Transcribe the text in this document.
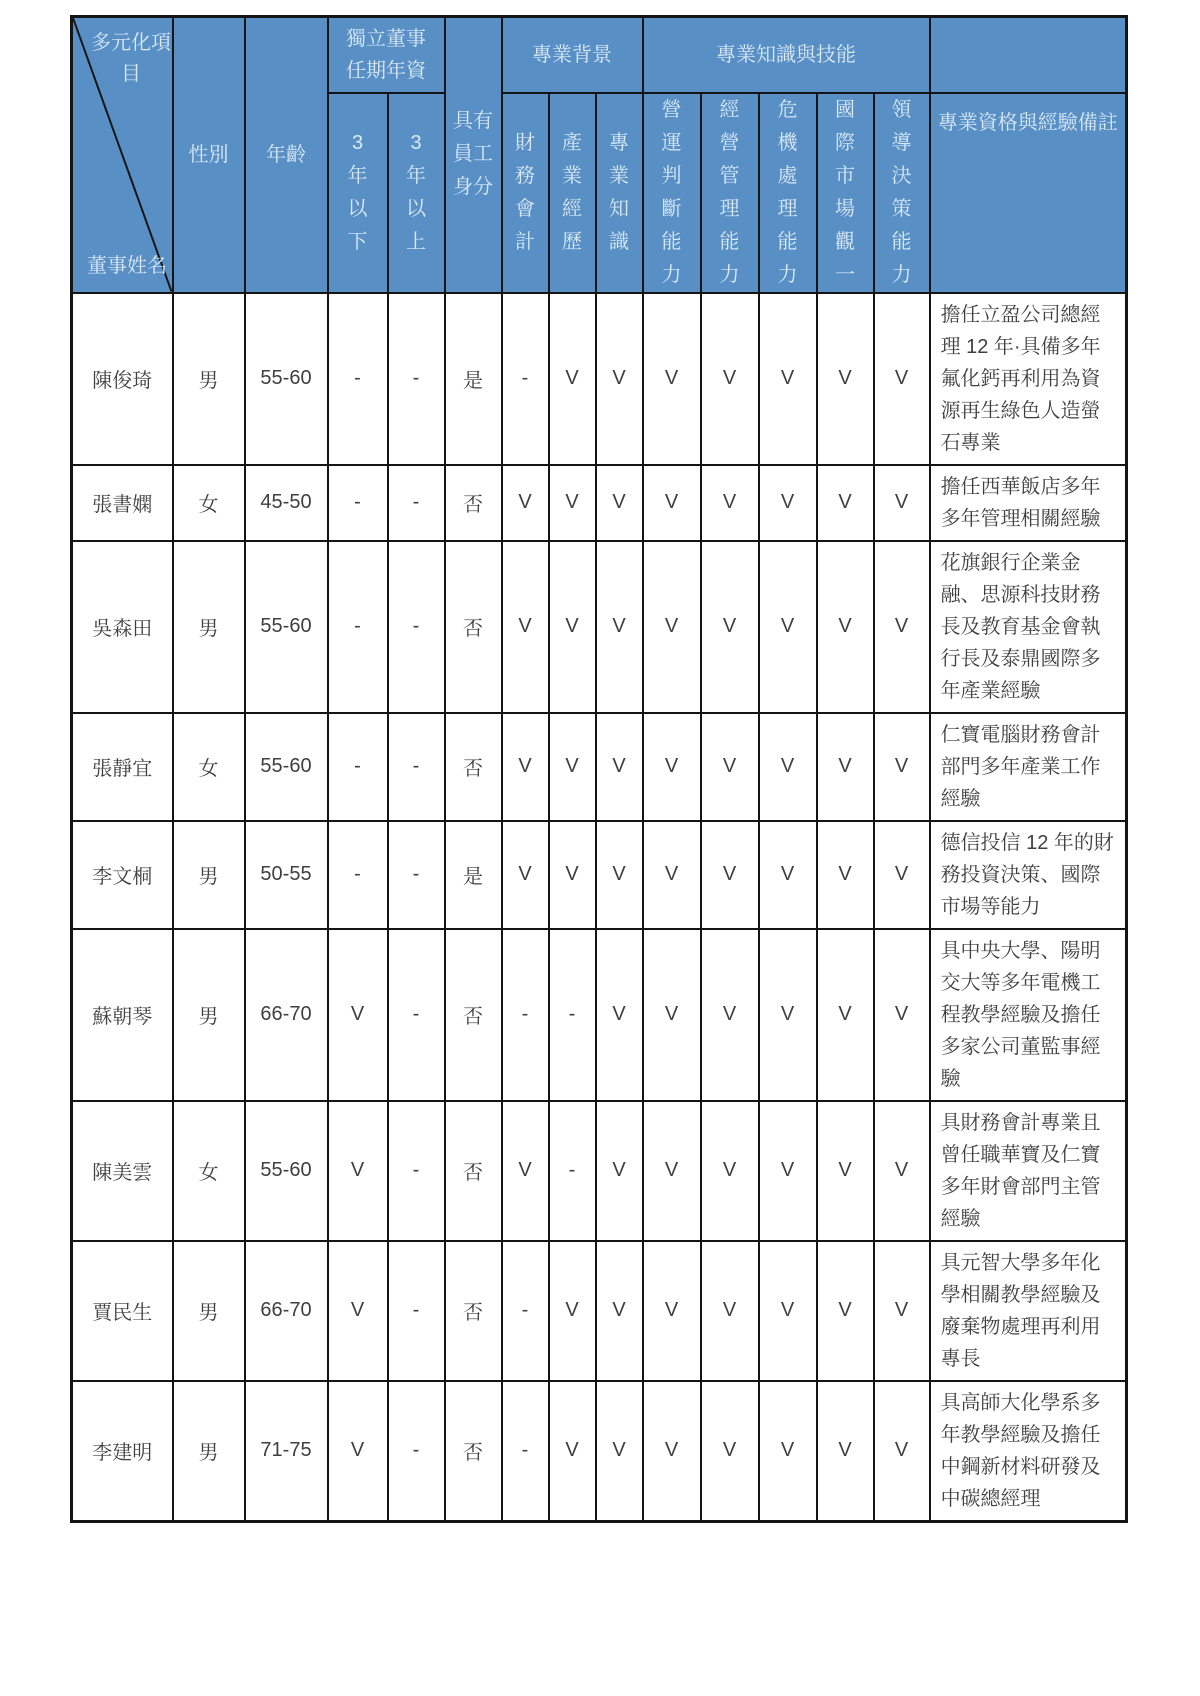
多元化項目
董事姓名	性別	年齡	獨立董事任期年資		具有員工身分	專業背景			專業知識與技能					
			3年以下	3年以上		財務會計	產業經歷	專業知識	營運判斷能力	經營管理能力	危機處理能力	國際市場觀一	領導決策能力	專業資格與經驗備註
陳俊琦	男	55-60	-	-	是	-	V	V	V	V	V	V	V	擔任立盈公司總經理 12 年·具備多年氟化鈣再利用為資源再生綠色人造螢石專業
張書嫻	女	45-50	-	-	否	V	V	V	V	V	V	V	V	擔任西華飯店多年多年管理相關經驗
吳森田	男	55-60	-	-	否	V	V	V	V	V	V	V	V	花旗銀行企業金融、思源科技財務長及教育基金會執行長及泰鼎國際多年產業經驗
張靜宜	女	55-60	-	-	否	V	V	V	V	V	V	V	V	仁寶電腦財務會計部門多年產業工作經驗
李文桐	男	50-55	-	-	是	V	V	V	V	V	V	V	V	德信投信 12 年的財務投資決策、國際市場等能力
蘇朝琴	男	66-70	V	-	否	-	-	V	V	V	V	V	V	具中央大學、陽明交大等多年電機工程教學經驗及擔任多家公司董監事經驗
陳美雲	女	55-60	V	-	否	V	-	V	V	V	V	V	V	具財務會計專業且曾任職華寶及仁寶多年財會部門主管經驗
賈民生	男	66-70	V	-	否	-	V	V	V	V	V	V	V	具元智大學多年化學相關教學經驗及廢棄物處理再利用專長
李建明	男	71-75	V	-	否	-	V	V	V	V	V	V	V	具高師大化學系多年教學經驗及擔任中鋼新材料研發及中碳總經理
